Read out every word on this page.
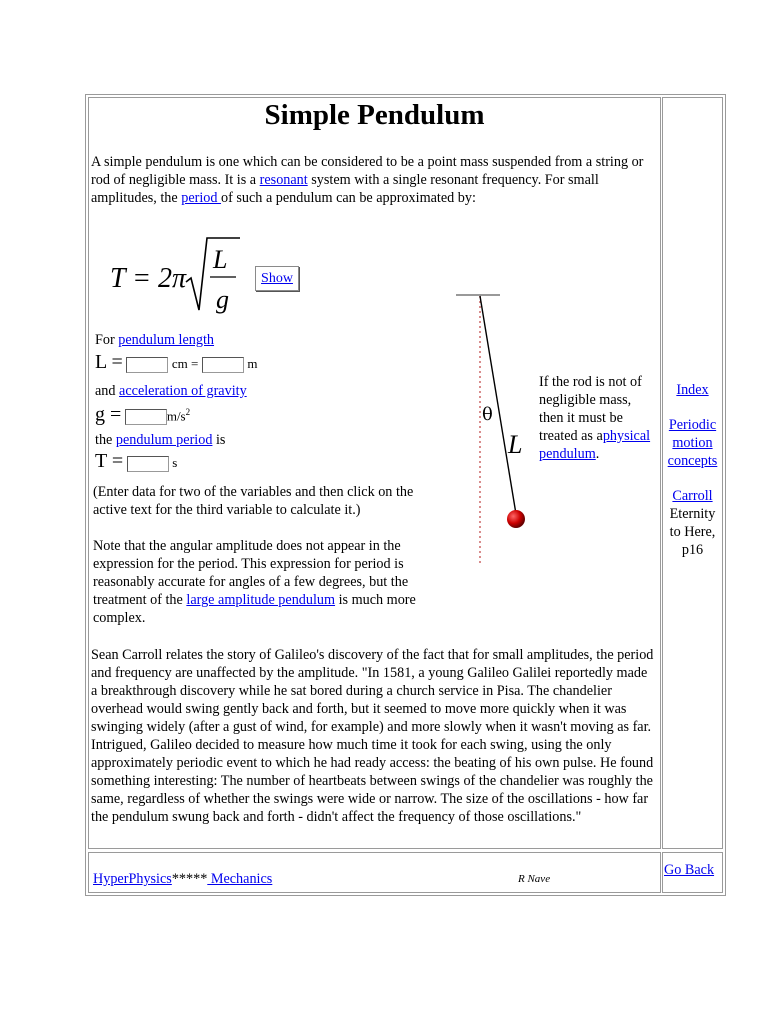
Simple Pendulum

A simple pendulum is one which can be considered to be a point mass suspended from a string or rod of negligible mass. It is a resonant system with a single resonant frequency. For small amplitudes, the period of such a pendulum can be approximated by:

T = 2π
L
g
Show
For pendulum length
L =	cm =	m
and acceleration of gravity
g =	$m/s^2$
the pendulum period is
T =	s

(Enter data for two of the variables and then click on the active text for the third variable to calculate it.)

Note that the angular amplitude does not appear in the expression for the period. This expression for period is reasonably accurate for angles of a few degrees, but the treatment of the large amplitude pendulum is much more complex.

θ
L

If the rod is not of negligible mass, then it must be treated as aphysical pendulum.

Sean Carroll relates the story of Galileo's discovery of the fact that for small amplitudes, the period and frequency are unaffected by the amplitude. "In 1581, a young Galileo Galilei reportedly made a breakthrough discovery while he sat bored during a church service in Pisa. The chandelier overhead would swing gently back and forth, but it seemed to move more quickly when it was swinging widely (after a gust of wind, for example) and more slowly when it wasn't moving as far. Intrigued, Galileo decided to measure how much time it took for each swing, using the only approximately periodic event to which he had ready access: the beating of his own pulse. He found something interesting: The number of heartbeats between swings of the chandelier was roughly the same, regardless of whether the swings were wide or narrow. The size of the oscillations - how far the pendulum swung back and forth - didn't affect the frequency of those oscillations."

Index
Periodic motion concepts
Carroll
Eternity to Here, p16
HyperPhysics***** Mechanics	R Nave
Go Back
